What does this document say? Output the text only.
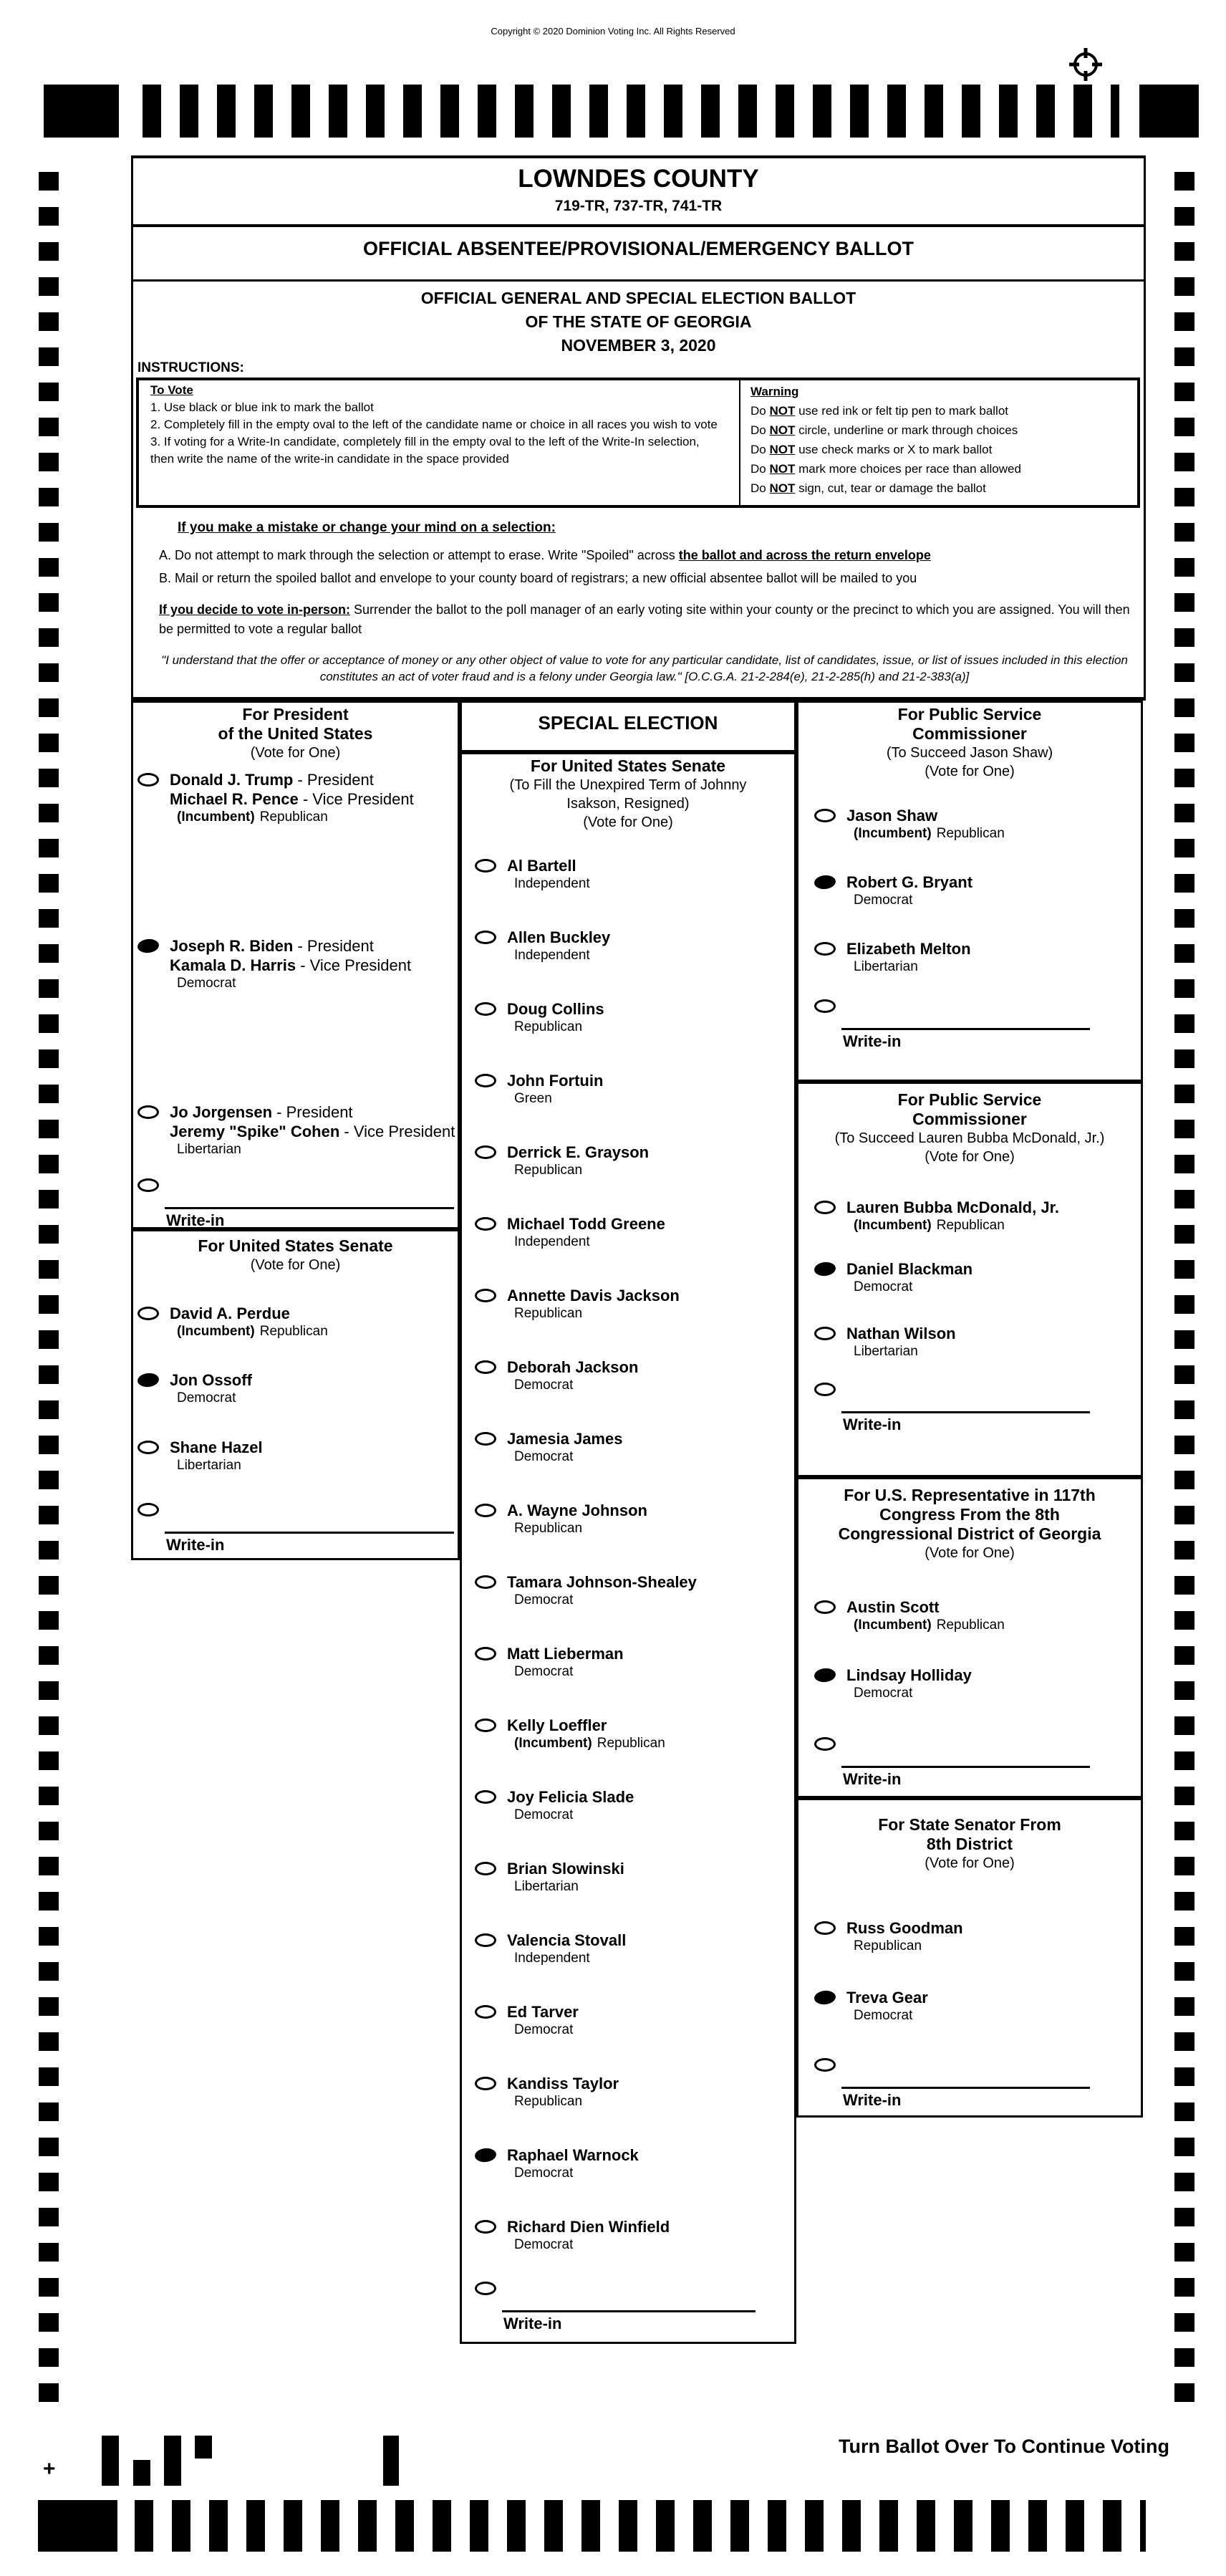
Copyright © 2020 Dominion Voting Inc. All Rights Reserved
LOWNDES COUNTY
719-TR, 737-TR, 741-TR
OFFICIAL ABSENTEE/PROVISIONAL/EMERGENCY BALLOT
OFFICIAL GENERAL AND SPECIAL ELECTION BALLOT
OF THE STATE OF GEORGIA
NOVEMBER 3, 2020
INSTRUCTIONS:
To Vote
1. Use black or blue ink to mark the ballot
2. Completely fill in the empty oval to the left of the candidate name or choice in all races you wish to vote
3. If voting for a Write-In candidate, completely fill in the empty oval to the left of the Write-In selection, then write the name of the write-in candidate in the space provided
Warning
Do NOT use red ink or felt tip pen to mark ballot
Do NOT circle, underline or mark through choices
Do NOT use check marks or X to mark ballot
Do NOT mark more choices per race than allowed
Do NOT sign, cut, tear or damage the ballot
If you make a mistake or change your mind on a selection:
A. Do not attempt to mark through the selection or attempt to erase. Write "Spoiled" across the ballot and across the return envelope
B. Mail or return the spoiled ballot and envelope to your county board of registrars; a new official absentee ballot will be mailed to you
If you decide to vote in-person: Surrender the ballot to the poll manager of an early voting site within your county or the precinct to which you are assigned. You will then be permitted to vote a regular ballot
"I understand that the offer or acceptance of money or any other object of value to vote for any particular candidate, list of candidates, issue, or list of issues included in this election constitutes an act of voter fraud and is a felony under Georgia law." [O.C.G.A. 21-2-284(e), 21-2-285(h) and 21-2-383(a)]
For President
of the United States
(Vote for One)
Donald J. Trump - President
Michael R. Pence - Vice President
(Incumbent) Republican
Joseph R. Biden - President
Kamala D. Harris - Vice President
Democrat
Jo Jorgensen - President
Jeremy "Spike" Cohen - Vice President
Libertarian
Write-in
For United States Senate
(Vote for One)
David A. Perdue
(Incumbent) Republican
Jon Ossoff
Democrat
Shane Hazel
Libertarian
Write-in
SPECIAL ELECTION
For United States Senate
(To Fill the Unexpired Term of Johnny
Isakson, Resigned)
(Vote for One)
Al Bartell
Independent
Allen Buckley
Independent
Doug Collins
Republican
John Fortuin
Green
Derrick E. Grayson
Republican
Michael Todd Greene
Independent
Annette Davis Jackson
Republican
Deborah Jackson
Democrat
Jamesia James
Democrat
A. Wayne Johnson
Republican
Tamara Johnson-Shealey
Democrat
Matt Lieberman
Democrat
Kelly Loeffler
(Incumbent) Republican
Joy Felicia Slade
Democrat
Brian Slowinski
Libertarian
Valencia Stovall
Independent
Ed Tarver
Democrat
Kandiss Taylor
Republican
Raphael Warnock
Democrat
Richard Dien Winfield
Democrat
Write-in
For Public Service
Commissioner
(To Succeed Jason Shaw)
(Vote for One)
Jason Shaw
(Incumbent) Republican
Robert G. Bryant
Democrat
Elizabeth Melton
Libertarian
Write-in
For Public Service
Commissioner
(To Succeed Lauren Bubba McDonald, Jr.)
(Vote for One)
Lauren Bubba McDonald, Jr.
(Incumbent) Republican
Daniel Blackman
Democrat
Nathan Wilson
Libertarian
Write-in
For U.S. Representative in 117th
Congress From the 8th
Congressional District of Georgia
(Vote for One)
Austin Scott
(Incumbent) Republican
Lindsay Holliday
Democrat
Write-in
For State Senator From
8th District
(Vote for One)
Russ Goodman
Republican
Treva Gear
Democrat
Write-in
+
30	Turn Ballot Over To Continue Voting
